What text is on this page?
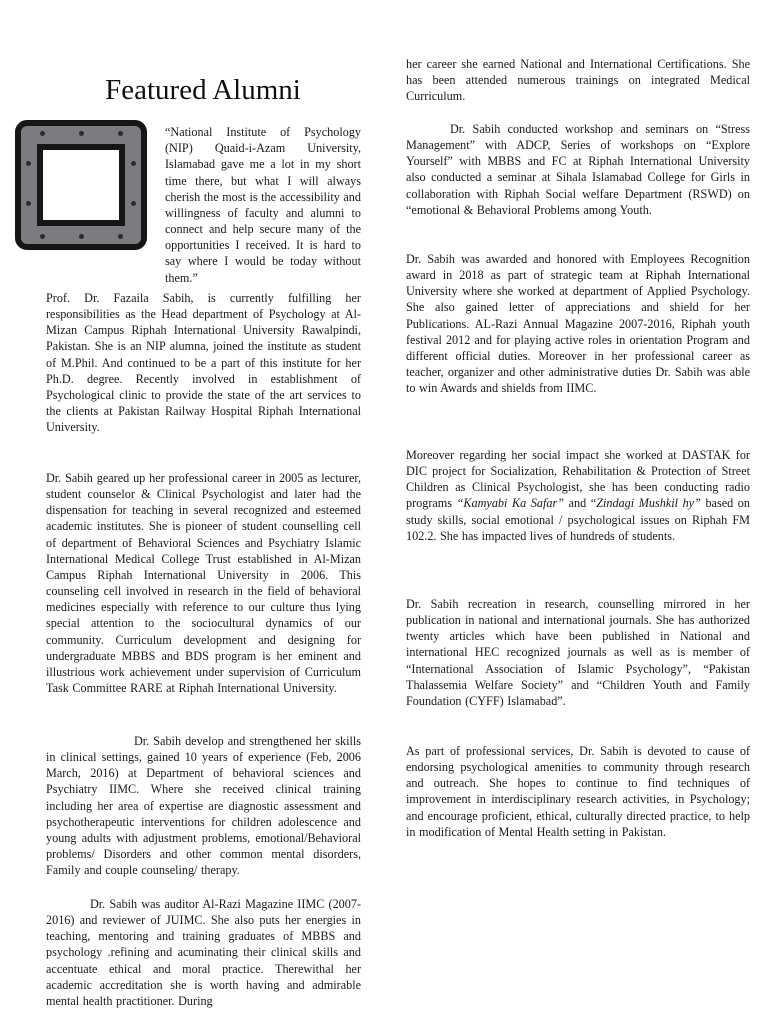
Featured Alumni

“National Institute of Psychology (NIP) Quaid-i-Azam University, Islamabad gave me a lot in my short time there, but what I will always cherish the most is the accessibility and willingness of faculty and alumni to connect and help secure many of the opportunities I received. It is hard to say where I would be today without them.”

Prof. Dr. Fazaila Sabih, is currently fulfilling her responsibilities as the Head department of Psychology at Al-Mizan Campus Riphah International University Rawalpindi, Pakistan. She is an NIP alumna, joined the institute as student of M.Phil. And continued to be a part of this institute for her Ph.D. degree. Recently involved in establishment of Psychological clinic to provide the state of the art services to the clients at Pakistan Railway Hospital Riphah International University.

Dr. Sabih geared up her professional career in 2005 as lecturer, student counselor & Clinical Psychologist and later had the dispensation for teaching in several recognized and esteemed academic institutes. She is pioneer of student counselling cell of department of Behavioral Sciences and Psychiatry Islamic International Medical College Trust established in Al-Mizan Campus Riphah International University in 2006. This counseling cell involved in research in the field of behavioral medicines especially with reference to our culture thus lying special attention to the sociocultural dynamics of our community. Curriculum development and designing for undergraduate MBBS and BDS program is her eminent and illustrious work achievement under supervision of Curriculum Task Committee RARE at Riphah International University.

Dr. Sabih develop and strengthened her skills in clinical settings, gained 10 years of experience (Feb, 2006 March, 2016) at Department of behavioral sciences and Psychiatry IIMC. Where she received clinical training including her area of expertise are diagnostic assessment and psychotherapeutic interventions for children adolescence and young adults with adjustment problems, emotional/Behavioral problems/ Disorders and other common mental disorders, Family and couple counseling/ therapy.

Dr. Sabih was auditor Al-Razi Magazine IIMC (2007- 2016) and reviewer of JUIMC. She also puts her energies in teaching, mentoring and training graduates of MBBS and psychology .refining and acuminating their clinical skills and accentuate ethical and moral practice. Therewithal her academic accreditation she is worth having and admirable mental health practitioner. During

her career she earned National and International Certifications. She has been attended numerous trainings on integrated Medical Curriculum.

Dr. Sabih conducted workshop and seminars on “Stress Management” with ADCP, Series of workshops on “Explore Yourself” with MBBS and FC at Riphah International University also conducted a seminar at Sihala Islamabad College for Girls in collaboration with Riphah Social welfare Department (RSWD) on “emotional & Behavioral Problems among Youth.

Dr. Sabih was awarded and honored with Employees Recognition award in 2018 as part of strategic team at Riphah International University where she worked at department of Applied Psychology. She also gained letter of appreciations and shield for her Publications. AL-Razi Annual Magazine 2007-2016, Riphah youth festival 2012 and for playing active roles in orientation Program and different official duties. Moreover in her professional career as teacher, organizer and other administrative duties Dr. Sabih was able to win Awards and shields from IIMC.

Moreover regarding her social impact she worked at DASTAK for DIC project for Socialization, Rehabilitation & Protection of Street Children as Clinical Psychologist, she has been conducting radio programs “Kamyabi Ka Safar” and “Zindagi Mushkil hy” based on study skills, social emotional / psychological issues on Riphah FM 102.2. She has impacted lives of hundreds of students.

Dr. Sabih recreation in research, counselling mirrored in her publication in national and international journals. She has authorized twenty articles which have been published in National and international HEC recognized journals as well as is member of “International Association of Islamic Psychology”, “Pakistan Thalassemia Welfare Society” and “Children Youth and Family Foundation (CYFF) Islamabad”.

As part of professional services, Dr. Sabih is devoted to cause of endorsing psychological amenities to community through research and outreach. She hopes to continue to find techniques of improvement in interdisciplinary research activities, in Psychology; and encourage proficient, ethical, culturally directed practice, to help in modification of Mental Health setting in Pakistan.
